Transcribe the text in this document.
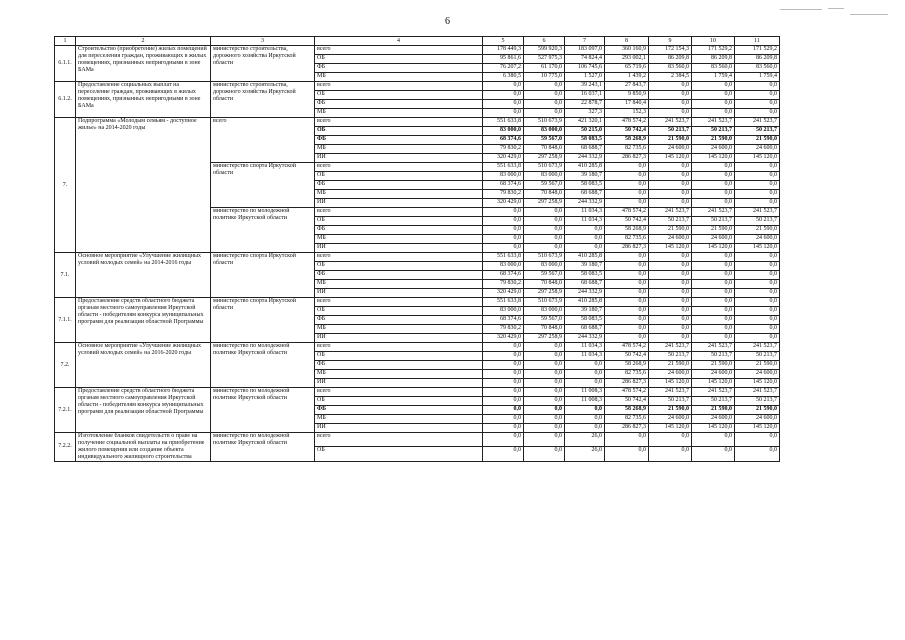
6
1	2	3	4	5	6	7	8	9	10	11
6.1.1.	Строительство (приобретение) жилых помещений для переселения граждан, проживающих в жилых помещениях, признанных непригодными в зоне БАМа	министерство строительства, дорожного хозяйства Иркутской области	всего	178 449,3	599 920,3	183 097,0	360 160,9	172 154,3	171 529,2	171 529,2
			ОБ	95 861,6	527 975,3	74 824,4	293 002,1	86 209,8	86 209,8	86 209,8
			ФБ	76 207,2	61 170,0	106 745,6	65 719,6	83 560,0	83 560,0	83 560,0
			МБ	6 380,5	10 775,0	1 527,0	1 439,2	2 384,5	1 759,4	1 759,4
6.1.2.	Предоставление социальных выплат на переселение граждан, проживающих в жилых помещениях, признанных непригодными в зоне БАМа	министерство строительства, дорожного хозяйства Иркутской области	всего	0,0	0,0	39 243,1	27 843,7	0,0	0,0	0,0
			ОБ	0,0	0,0	16 037,1	9 850,9	0,0	0,0	0,0
			ФБ	0,0	0,0	22 878,7	17 840,4	0,0	0,0	0,0
			МБ	0,0	0,0	327,3	152,3	0,0	0,0	0,0
7.	Подпрограмма «Молодым семьям - доступное жилье» на 2014-2020 годы	всего	всего	551 633,8	510 673,9	421 320,1	478 574,2	241 523,7	241 523,7	241 523,7
			ОБ	83 000,0	83 000,0	50 215,0	50 742,4	50 213,7	50 213,7	50 213,7
			ФБ	68 374,6	59 567,0	58 083,5	58 268,9	21 590,0	21 590,0	21 590,0
			МБ	79 830,2	70 848,0	68 688,7	82 735,6	24 600,0	24 600,0	24 600,0
			ИИ	320 429,0	297 258,9	244 332,9	286 827,3	145 120,0	145 120,0	145 120,0
		министерство спорта Иркутской области	всего	551 633,8	510 673,9	410 285,8	0,0	0,0	0,0	0,0
			ОБ	83 000,0	83 000,0	39 180,7	0,0	0,0	0,0	0,0
			ФБ	68 374,6	59 567,0	58 083,5	0,0	0,0	0,0	0,0
			МБ	79 830,2	70 848,0	68 688,7	0,0	0,0	0,0	0,0
			ИИ	320 429,0	297 258,9	244 332,9	0,0	0,0	0,0	0,0
		министерство по молодежной политике Иркутской области	всего	0,0	0,0	11 034,3	478 574,2	241 523,7	241 523,7	241 523,7
			ОБ	0,0	0,0	11 034,3	50 742,4	50 213,7	50 213,7	50 213,7
			ФБ	0,0	0,0	0,0	58 268,9	21 590,0	21 590,0	21 590,0
			МБ	0,0	0,0	0,0	82 735,6	24 600,0	24 600,0	24 600,0
			ИИ	0,0	0,0	0,0	286 827,3	145 120,0	145 120,0	145 120,0
7.1.	Основное мероприятие «Улучшение жилищных условий молодых семей» на 2014-2016 годы	министерство спорта Иркутской области	всего	551 633,8	510 673,9	410 285,8	0,0	0,0	0,0	0,0
			ОБ	83 000,0	83 000,0	39 180,7	0,0	0,0	0,0	0,0
			ФБ	68 374,6	59 567,0	58 083,5	0,0	0,0	0,0	0,0
			МБ	79 830,2	70 848,0	68 688,7	0,0	0,0	0,0	0,0
			ИИ	320 429,0	297 258,9	244 332,9	0,0	0,0	0,0	0,0
7.1.1.	Предоставление средств областного бюджета органам местного самоуправления Иркутской области - победителям конкурса муниципальных программ для реализации областной Программы	министерство спорта Иркутской области	всего	551 633,8	510 673,9	410 285,8	0,0	0,0	0,0	0,0
			ОБ	83 000,0	83 000,0	39 180,7	0,0	0,0	0,0	0,0
			ФБ	68 374,6	59 567,0	58 083,5	0,0	0,0	0,0	0,0
			МБ	79 830,2	70 848,0	68 688,7	0,0	0,0	0,0	0,0
			ИИ	320 429,0	297 258,9	244 332,9	0,0	0,0	0,0	0,0
7.2.	Основное мероприятие «Улучшение жилищных условий молодых семей» на 2016-2020 годы	министерство по молодежной политике Иркутской области	всего	0,0	0,0	11 034,3	478 574,2	241 523,7	241 523,7	241 523,7
			ОБ	0,0	0,0	11 034,3	50 742,4	50 213,7	50 213,7	50 213,7
			ФБ	0,0	0,0	0,0	58 268,9	21 590,0	21 590,0	21 590,0
			МБ	0,0	0,0	0,0	82 735,6	24 600,0	24 600,0	24 600,0
			ИИ	0,0	0,0	0,0	286 827,3	145 120,0	145 120,0	145 120,0
7.2.1.	Предоставление средств областного бюджета органам местного самоуправления Иркутской области - победителям конкурса муниципальных программ для реализации областной Программы	министерство по молодежной политике Иркутской области	всего	0,0	0,0	11 008,3	478 574,2	241 523,7	241 523,7	241 523,7
			ОБ	0,0	0,0	11 008,3	50 742,4	50 213,7	50 213,7	50 213,7
			ФБ	0,0	0,0	0,0	58 268,9	21 590,0	21 590,0	21 590,0
			МБ	0,0	0,0	0,0	82 735,6	24 600,0	24 600,0	24 600,0
			ИИ	0,0	0,0	0,0	286 827,3	145 120,0	145 120,0	145 120,0
7.2.2.	Изготовление бланков свидетельств о праве на получение социальной выплаты на приобретение жилого помещения или создание объекта индивидуального жилищного строительства	министерство по молодежной политике Иркутской области	всего	0,0	0,0	26,0	0,0	0,0	0,0	0,0
			ОБ	0,0	0,0	26,0	0,0	0,0	0,0	0,0
